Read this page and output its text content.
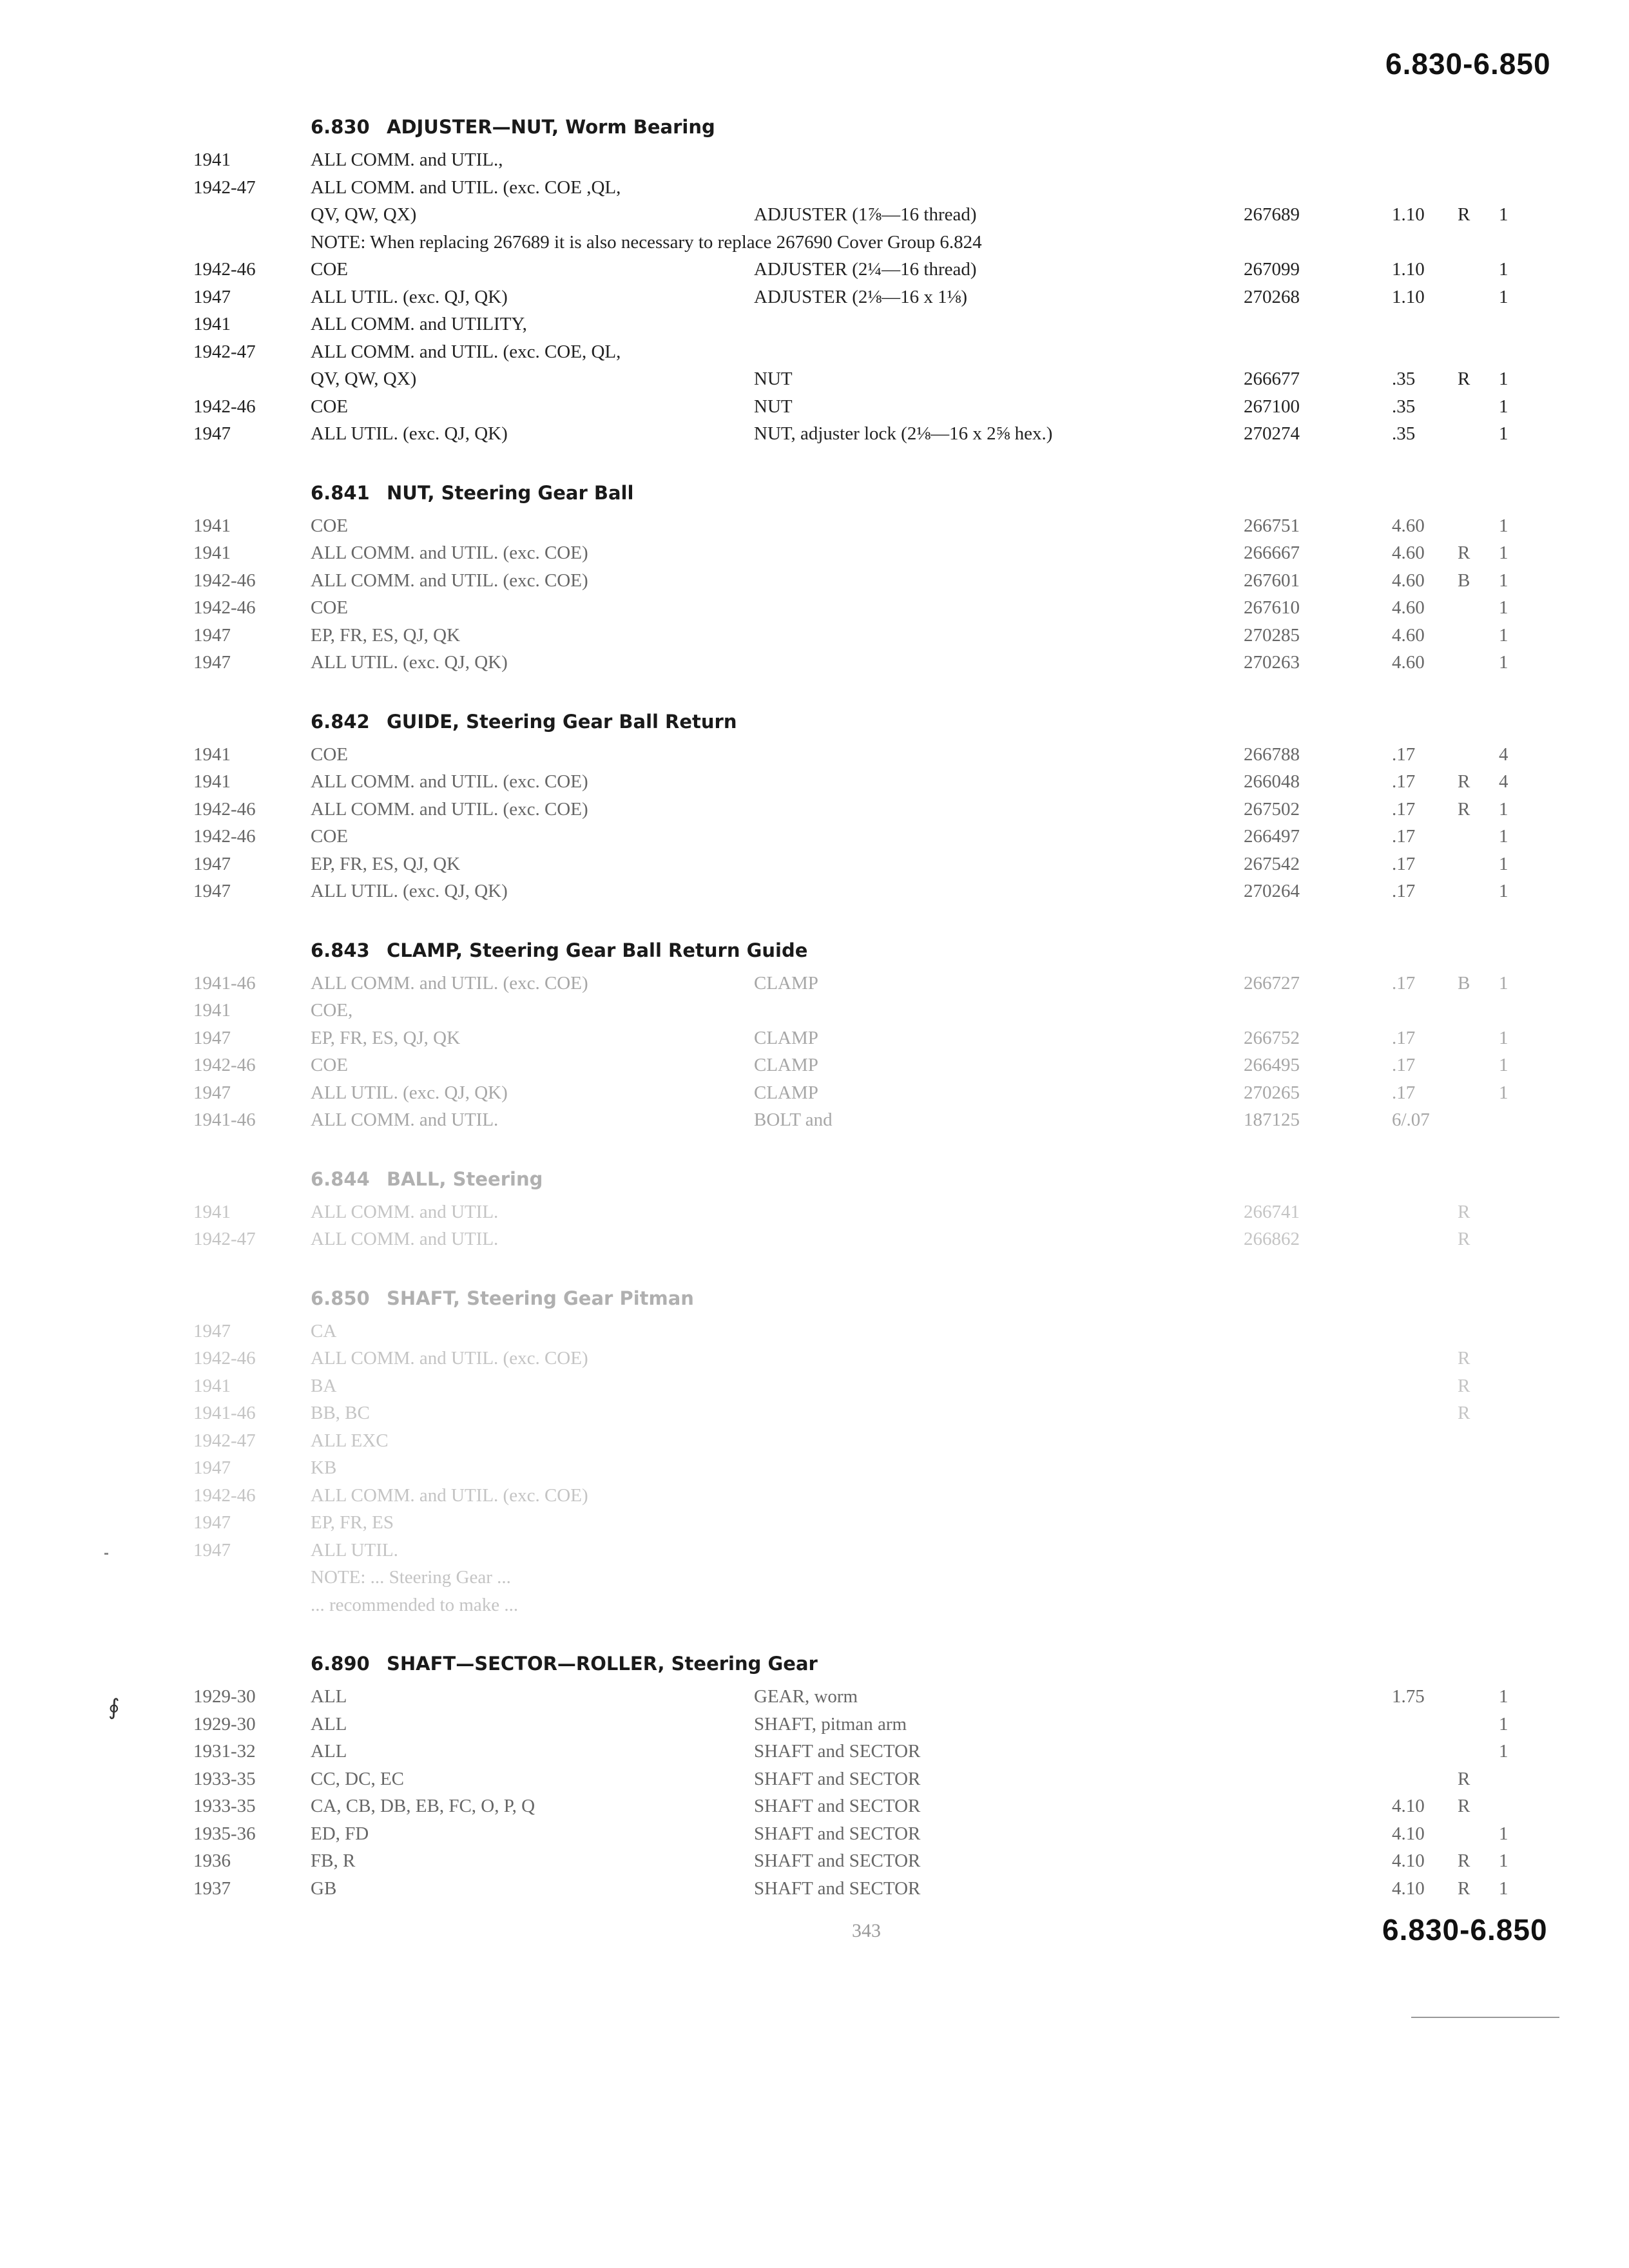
6.830-6.850
∮
6.830 ADJUSTER—NUT, Worm Bearing
1941	ALL COMM. and UTIL.,
1942-47	ALL COMM. and UTIL. (exc. COE ,QL,
QV, QW, QX)	ADJUSTER (1⅞—16 thread)	267689	1.10 R 1
NOTE: When replacing 267689 it is also necessary to replace 267690 Cover Group 6.824
1942-46	COE	ADJUSTER (2¼—16 thread)	267099	1.10	1
1947	ALL UTIL. (exc. QJ, QK)	ADJUSTER (2⅛—16 x 1⅛)	270268	1.10	1
1941	ALL COMM. and UTILITY,
1942-47	ALL COMM. and UTIL. (exc. COE, QL,
QV, QW, QX)	NUT	266677	.35 R 1
1942-46	COE	NUT	267100	.35	1
1947	ALL UTIL. (exc. QJ, QK)	NUT, adjuster lock (2⅛—16 x 2⅝ hex.)	270274	.35	1
6.841 NUT, Steering Gear Ball
1941	COE	266751	4.60	1
1941	ALL COMM. and UTIL. (exc. COE)	266667	4.60 R 1
1942-46	ALL COMM. and UTIL. (exc. COE)	267601	4.60 B 1
1942-46	COE	267610	4.60	1
1947	EP, FR, ES, QJ, QK	270285	4.60	1
1947	ALL UTIL. (exc. QJ, QK)	270263	4.60	1
6.842 GUIDE, Steering Gear Ball Return
1941	COE	266788	.17	4
1941	ALL COMM. and UTIL. (exc. COE)	266048	.17 R 4
1942-46	ALL COMM. and UTIL. (exc. COE)	267502	.17 R 1
1942-46	COE	266497	.17	1
1947	EP, FR, ES, QJ, QK	267542	.17	1
1947	ALL UTIL. (exc. QJ, QK)	270264	.17	1
6.843 CLAMP, Steering Gear Ball Return Guide
1941-46	ALL COMM. and UTIL. (exc. COE)	CLAMP	266727	.17 B 1
1941	COE,
1947	EP, FR, ES, QJ, QK	CLAMP	266752	.17	1
1942-46	COE	CLAMP	266495	.17	1
1947	ALL UTIL. (exc. QJ, QK)	CLAMP	270265	.17	1
1941-46	ALL COMM. and UTIL.	BOLT and	187125	6/.07
6.844 BALL, Steering
1941	ALL COMM. and UTIL.	266741	R
1942-47	ALL COMM. and UTIL.	266862	R
6.850 SHAFT, Steering Gear Pitman
1947	CA
1942-46	ALL COMM. and UTIL. (exc. COE)	R
1941	BA	R
1941-46	BB, BC	R
1942-47	ALL EXC
1947	KB
1942-46	ALL COMM. and UTIL. (exc. COE)
1947	EP, FR, ES
1947	ALL UTIL.
NOTE: ... Steering Gear ...
... recommended to make ...
6.890 SHAFT—SECTOR—ROLLER, Steering Gear
1929-30	ALL	GEAR, worm	1.75	1
1929-30	ALL	SHAFT, pitman arm	1
1931-32	ALL	SHAFT and SECTOR	1
1933-35	CC, DC, EC	SHAFT and SECTOR	R
1933-35	CA, CB, DB, EB, FC, O, P, Q	SHAFT and SECTOR	4.10 R
1935-36	ED, FD	SHAFT and SECTOR	4.10	1
1936	FB, R	SHAFT and SECTOR	4.10 R 1
1937	GB	SHAFT and SECTOR	4.10 R 1
343	6.830-6.850
